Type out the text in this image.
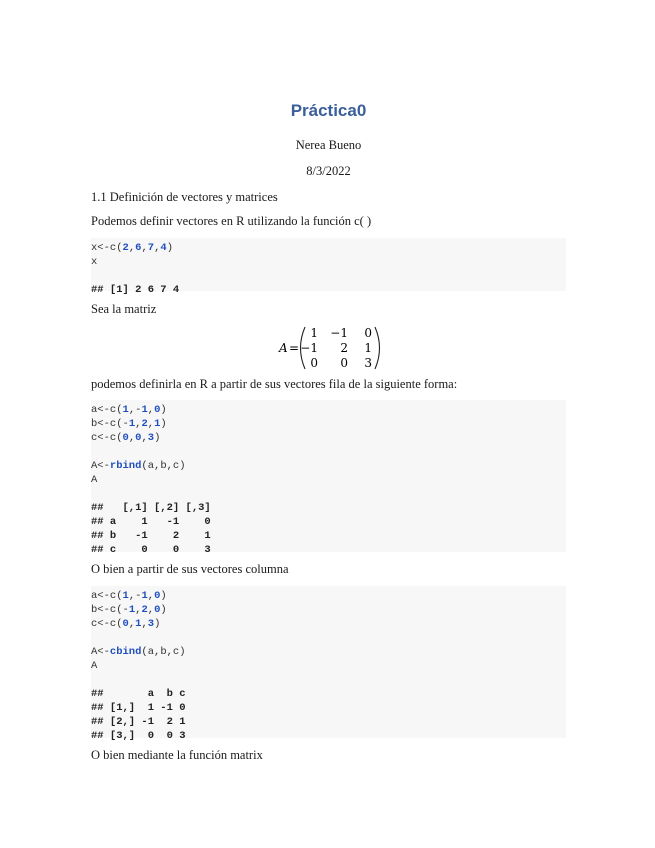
Práctica0
Nerea Bueno
8/3/2022
1.1 Definición de vectores y matrices
Podemos definir vectores en R utilizando la función c( )
x<-c(2,6,7,4)
x
## [1] 2 6 7 4
Sea la matriz
A =
1 −1 0
−1 2 1
0 0 3
podemos definirla en R a partir de sus vectores fila de la siguiente forma:
a<-c(1,-1,0)
b<-c(-1,2,1)
c<-c(0,0,3)
A<-rbind(a,b,c)
A
##   [,1] [,2] [,3]
## a    1   -1    0
## b   -1    2    1
## c    0    0    3
O bien a partir de sus vectores columna
a<-c(1,-1,0)
b<-c(-1,2,0)
c<-c(0,1,3)
A<-cbind(a,b,c)
A
##       a  b c
## [1,]  1 -1 0
## [2,] -1  2 1
## [3,]  0  0 3
O bien mediante la función matrix
